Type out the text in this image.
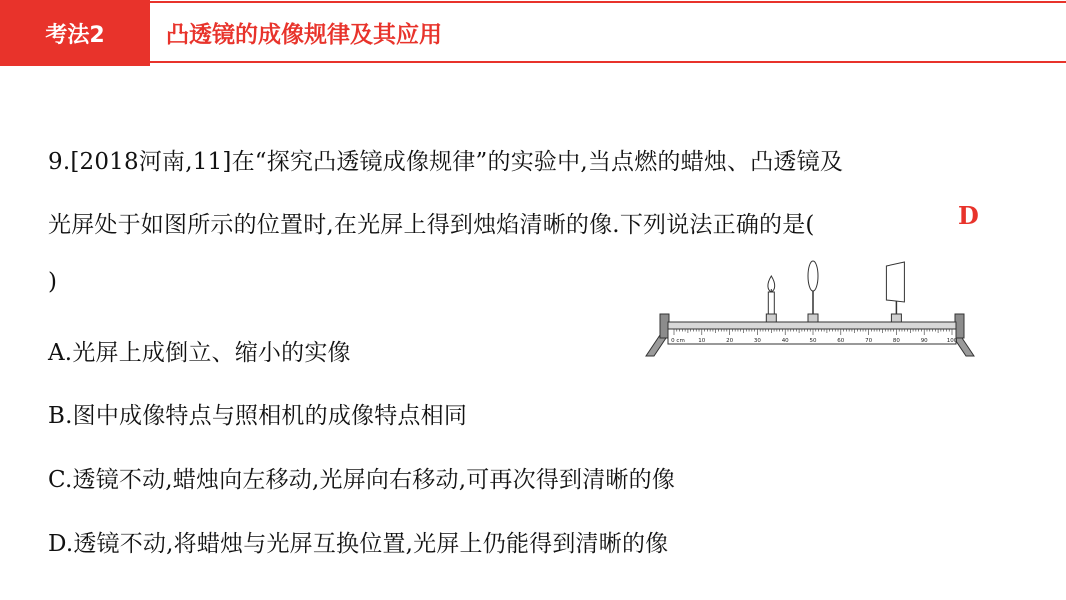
考法2	凸透镜的成像规律及其应用
9.[2018河南,11]在“探究凸透镜成像规律”的实验中,当点燃的蜡烛、凸透镜及
光屏处于如图所示的位置时,在光屏上得到烛焰清晰的像.下列说法正确的是(	D
)
A.光屏上成倒立、缩小的实像
B.图中成像特点与照相机的成像特点相同
C.透镜不动,蜡烛向左移动,光屏向右移动,可再次得到清晰的像
D.透镜不动,将蜡烛与光屏互换位置,光屏上仍能得到清晰的像
0 cm 10	20	30	40	50	60	70	80	90	100
